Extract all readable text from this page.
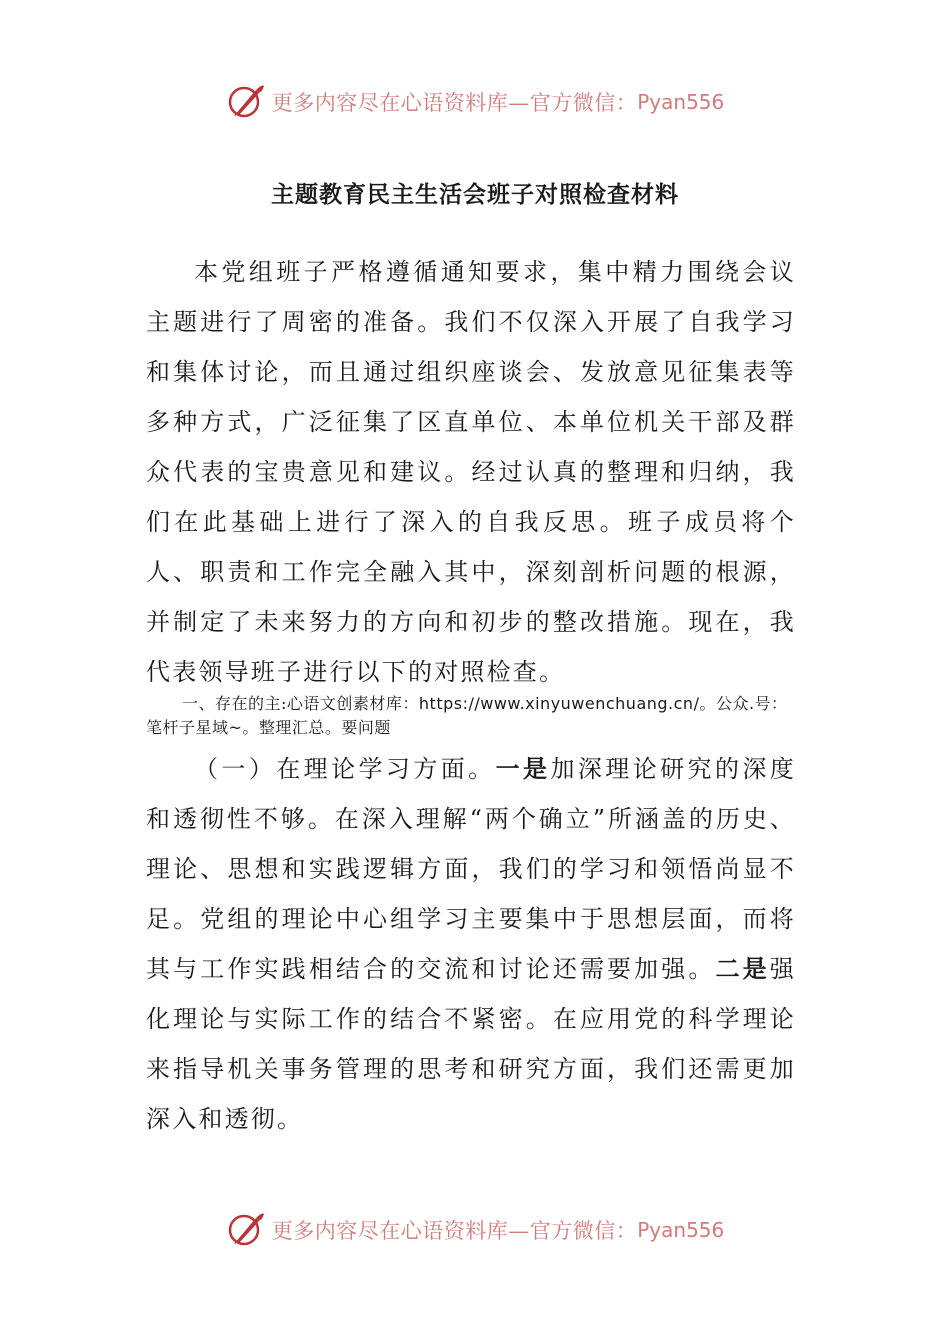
更多内容尽在心语资料库—官方微信： Pyan556
主题教育民主生活会班子对照检查材料

本党组班子严格遵循通知要求，集中精力围绕会议主题进行了周密的准备。我们不仅深入开展了自我学习和集体讨论，而且通过组织座谈会、发放意见征集表等多种方式，广泛征集了区直单位、本单位机关干部及群众代表的宝贵意见和建议。经过认真的整理和归纳，我们在此基础上进行了深入的自我反思。班子成员将个人、职责和工作完全融入其中，深刻剖析问题的根源，并制定了未来努力的方向和初步的整改措施。现在，我代表领导班子进行以下的对照检查。

一、存在的主:心语文创素材库：https://www.xinyuwenchuang.cn/。公众.号：笔杆子星域~。整理汇总。要问题

（一）在理论学习方面。一是加深理论研究的深度和透彻性不够。在深入理解“两个确立”所涵盖的历史、理论、思想和实践逻辑方面，我们的学习和领悟尚显不足。党组的理论中心组学习主要集中于思想层面，而将其与工作实践相结合的交流和讨论还需要加强。二是强化理论与实际工作的结合不紧密。在应用党的科学理论来指导机关事务管理的思考和研究方面，我们还需更加深入和透彻。

更多内容尽在心语资料库—官方微信： Pyan556
